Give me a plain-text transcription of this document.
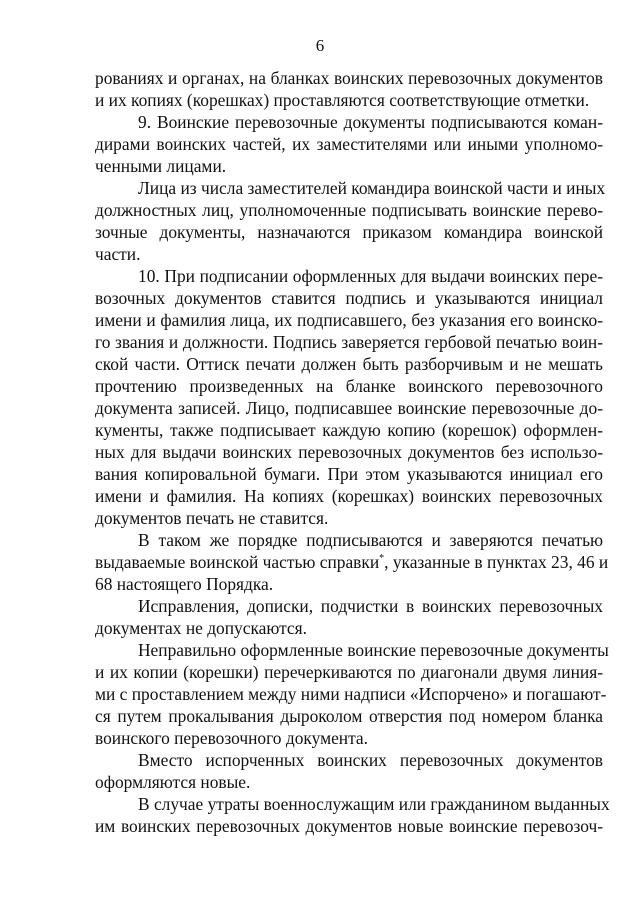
6
рованиях и органах, на бланках воинских перевозочных документов
и их копиях (корешках) проставляются соответствующие отметки.
9. Воинские перевозочные документы подписываются коман-
дирами воинских частей, их заместителями или иными уполномо-
ченными лицами.
Лица из числа заместителей командира воинской части и иных
должностных лиц, уполномоченные подписывать воинские перево-
зочные документы, назначаются приказом командира воинской
части.
10. При подписании оформленных для выдачи воинских пере-
возочных документов ставится подпись и указываются инициал
имени и фамилия лица, их подписавшего, без указания его воинско-
го звания и должности. Подпись заверяется гербовой печатью воин-
ской части. Оттиск печати должен быть разборчивым и не мешать
прочтению произведенных на бланке воинского перевозочного
документа записей. Лицо, подписавшее воинские перевозочные до-
кументы, также подписывает каждую копию (корешок) оформлен-
ных для выдачи воинских перевозочных документов без использо-
вания копировальной бумаги. При этом указываются инициал его
имени и фамилия. На копиях (корешках) воинских перевозочных
документов печать не ставится.
В таком же порядке подписываются и заверяются печатью
выдаваемые воинской частью справки*, указанные в пунктах 23, 46 и
68 настоящего Порядка.
Исправления, дописки, подчистки в воинских перевозочных
документах не допускаются.
Неправильно оформленные воинские перевозочные документы
и их копии (корешки) перечеркиваются по диагонали двумя линия-
ми с проставлением между ними надписи «Испорчено» и погашают-
ся путем прокалывания дыроколом отверстия под номером бланка
воинского перевозочного документа.
Вместо испорченных воинских перевозочных документов
оформляются новые.
В случае утраты военнослужащим или гражданином выданных
им воинских перевозочных документов новые воинские перевозоч-
